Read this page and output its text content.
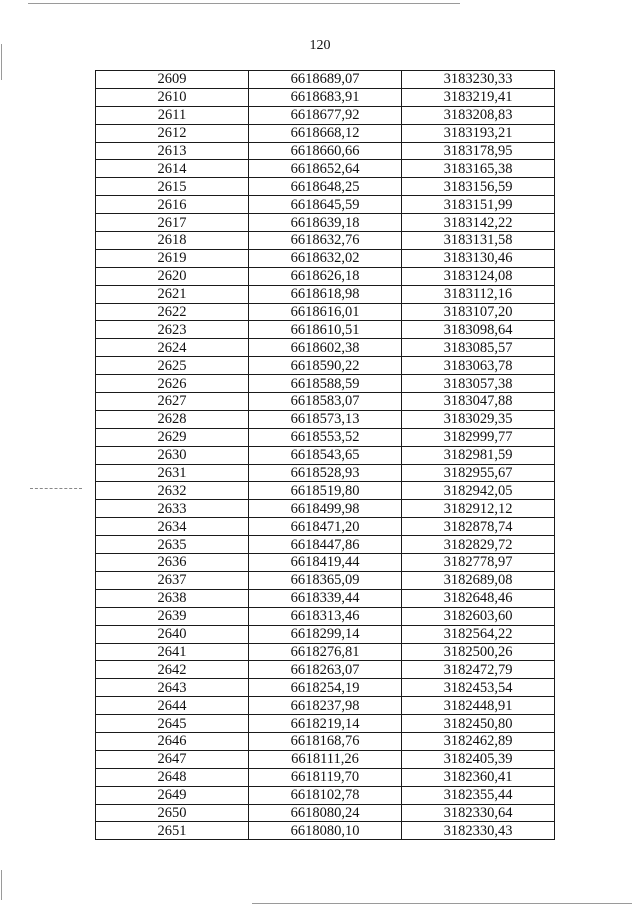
120
2609	6618689,07	3183230,33
2610	6618683,91	3183219,41
2611	6618677,92	3183208,83
2612	6618668,12	3183193,21
2613	6618660,66	3183178,95
2614	6618652,64	3183165,38
2615	6618648,25	3183156,59
2616	6618645,59	3183151,99
2617	6618639,18	3183142,22
2618	6618632,76	3183131,58
2619	6618632,02	3183130,46
2620	6618626,18	3183124,08
2621	6618618,98	3183112,16
2622	6618616,01	3183107,20
2623	6618610,51	3183098,64
2624	6618602,38	3183085,57
2625	6618590,22	3183063,78
2626	6618588,59	3183057,38
2627	6618583,07	3183047,88
2628	6618573,13	3183029,35
2629	6618553,52	3182999,77
2630	6618543,65	3182981,59
2631	6618528,93	3182955,67
2632	6618519,80	3182942,05
2633	6618499,98	3182912,12
2634	6618471,20	3182878,74
2635	6618447,86	3182829,72
2636	6618419,44	3182778,97
2637	6618365,09	3182689,08
2638	6618339,44	3182648,46
2639	6618313,46	3182603,60
2640	6618299,14	3182564,22
2641	6618276,81	3182500,26
2642	6618263,07	3182472,79
2643	6618254,19	3182453,54
2644	6618237,98	3182448,91
2645	6618219,14	3182450,80
2646	6618168,76	3182462,89
2647	6618111,26	3182405,39
2648	6618119,70	3182360,41
2649	6618102,78	3182355,44
2650	6618080,24	3182330,64
2651	6618080,10	3182330,43
